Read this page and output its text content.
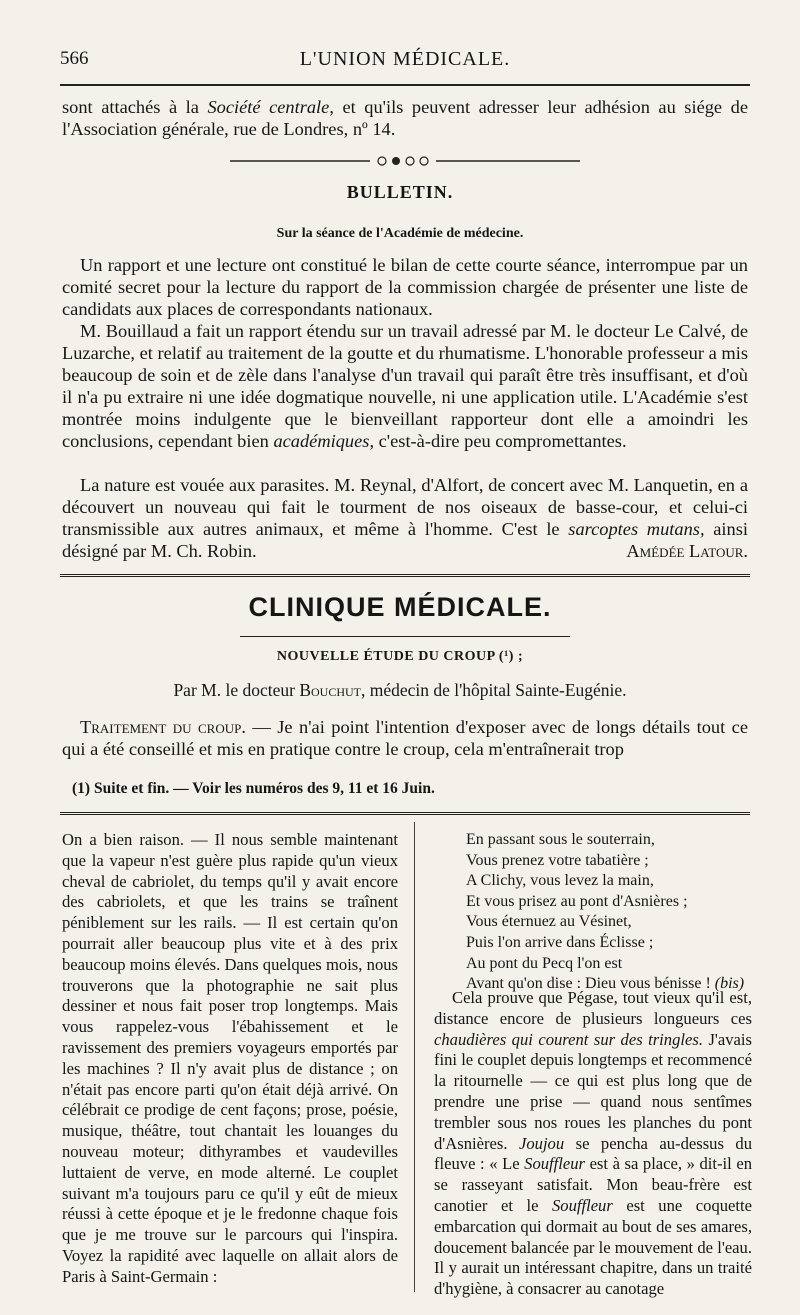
566	L'UNION MÉDICALE.
sont attachés à la Société centrale, et qu'ils peuvent adresser leur adhésion au siége de l'Association générale, rue de Londres, nº 14.
BULLETIN.
Sur la séance de l'Académie de médecine.
Un rapport et une lecture ont constitué le bilan de cette courte séance, interrompue par un comité secret pour la lecture du rapport de la commission chargée de présenter une liste de candidats aux places de correspondants nationaux.
M. Bouillaud a fait un rapport étendu sur un travail adressé par M. le docteur Le Calvé, de Luzarche, et relatif au traitement de la goutte et du rhumatisme. L'honorable professeur a mis beaucoup de soin et de zèle dans l'analyse d'un travail qui paraît être très insuffisant, et d'où il n'a pu extraire ni une idée dogmatique nouvelle, ni une application utile. L'Académie s'est montrée moins indulgente que le bienveillant rapporteur dont elle a amoindri les conclusions, cependant bien académiques, c'est-à-dire peu compromettantes.
La nature est vouée aux parasites. M. Reynal, d'Alfort, de concert avec M. Lanquetin, en a découvert un nouveau qui fait le tourment de nos oiseaux de basse-cour, et celui-ci transmissible aux autres animaux, et même à l'homme. C'est le sarcoptes mutans, ainsi désigné par M. Ch. Robin.	Amédée Latour.
CLINIQUE MÉDICALE.
NOUVELLE ÉTUDE DU CROUP (¹) ;
Par M. le docteur Bouchut, médecin de l'hôpital Sainte-Eugénie.
Traitement du croup. — Je n'ai point l'intention d'exposer avec de longs détails tout ce qui a été conseillé et mis en pratique contre le croup, cela m'entraînerait trop
(1) Suite et fin. — Voir les numéros des 9, 11 et 16 Juin.
On a bien raison. — Il nous semble maintenant que la vapeur n'est guère plus rapide qu'un vieux cheval de cabriolet, du temps qu'il y avait encore des cabriolets, et que les trains se traînent péniblement sur les rails. — Il est certain qu'on pourrait aller beaucoup plus vite et à des prix beaucoup moins élevés. Dans quelques mois, nous trouverons que la photographie ne sait plus dessiner et nous fait poser trop longtemps. Mais vous rappelez-vous l'ébahissement et le ravissement des premiers voyageurs emportés par les machines ? Il n'y avait plus de distance ; on n'était pas encore parti qu'on était déjà arrivé. On célébrait ce prodige de cent façons; prose, poésie, musique, théâtre, tout chantait les louanges du nouveau moteur; dithyrambes et vaudevilles luttaient de verve, en mode alterné. Le couplet suivant m'a toujours paru ce qu'il y eût de mieux réussi à cette époque et je le fredonne chaque fois que je me trouve sur le parcours qui l'inspira. Voyez la rapidité avec laquelle on allait alors de Paris à Saint-Germain :
En passant sous le souterrain,
Vous prenez votre tabatière ;
A Clichy, vous levez la main,
Et vous prisez au pont d'Asnières ;
Vous éternuez au Vésinet,
Puis l'on arrive dans Éclisse ;
Au pont du Pecq l'on est
Avant qu'on dise : Dieu vous bénisse ! (bis)
Cela prouve que Pégase, tout vieux qu'il est, distance encore de plusieurs longueurs ces chaudières qui courent sur des tringles. J'avais fini le couplet depuis longtemps et recommencé la ritournelle — ce qui est plus long que de prendre une prise — quand nous sentîmes trembler sous nos roues les planches du pont d'Asnières. Joujou se pencha au-dessus du fleuve : « Le Souffleur est à sa place, » dit-il en se rasseyant satisfait. Mon beau-frère est canotier et le Souffleur est une coquette embarcation qui dormait au bout de ses amares, doucement balancée par le mouvement de l'eau. Il y aurait un intéressant chapitre, dans un traité d'hygiène, à consacrer au canotage
